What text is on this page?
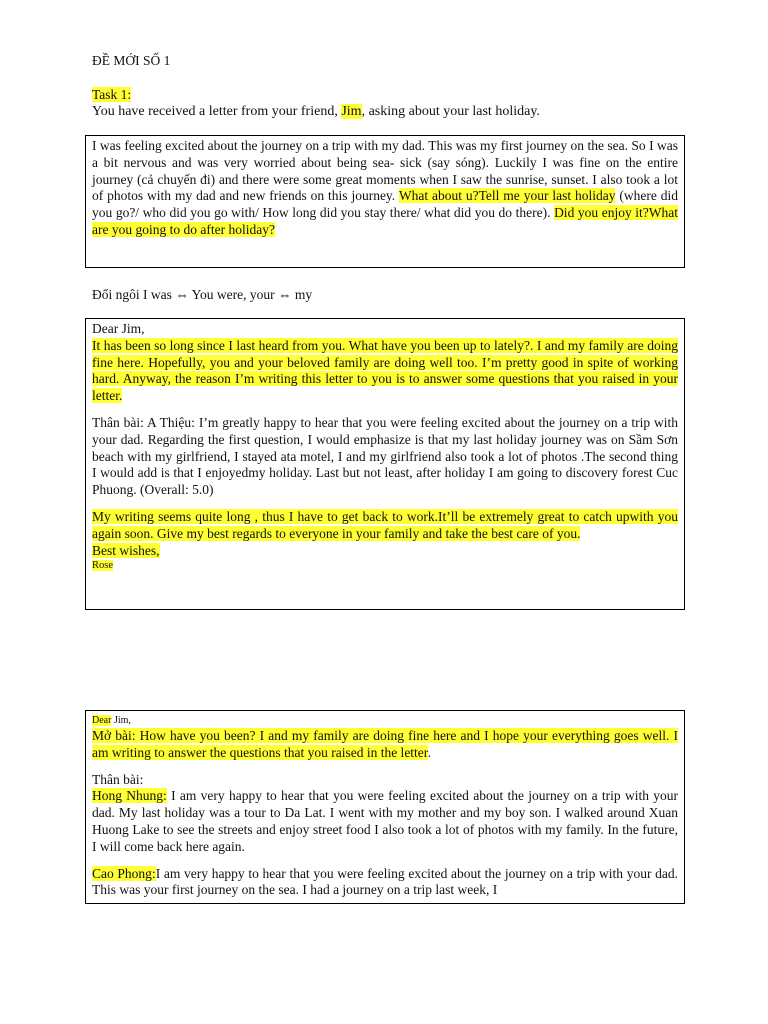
ĐỀ MỚI SỐ 1
Task 1:
You have received a letter from your friend, Jim, asking about your last holiday.

I was feeling excited about the journey on a trip with my dad. This was my first journey on the sea. So I was a bit nervous and was very worried about being sea- sick (say sóng). Luckily I was fine on the entire journey (cả chuyến đi) and there were some great moments when I saw the sunrise, sunset. I also took a lot of photos with my dad and new friends on this journey. What about u?Tell me your last holiday (where did you go?/ who did you go with/ How long did you stay there/ what did you do there). Did you enjoy it?What are you going to do after holiday?

Đổi ngôi I was ⇔ You were, your ⇔ my

Dear Jim,

It has been so long since I last heard from you. What have you been up to lately?. I and my family are doing fine here. Hopefully, you and your beloved family are doing well too. I’m pretty good in spite of working hard. Anyway, the reason I’m writing this letter to you is to answer some questions that you raised in your letter.

Thân bài: A Thiệu: I’m greatly happy to hear that you were feeling excited about the journey on a trip with your dad. Regarding the first question, I would emphasize is that my last holiday journey was on Sầm Sơn beach with my girlfriend, I stayed ata motel, I and my girlfriend also took a lot of photos .The second thing I would add is that I enjoyedmy holiday. Last but not least, after holiday I am going to discovery forest Cuc Phuong. (Overall: 5.0)

My writing seems quite long , thus I have to get back to work.It’ll be extremely great to catch upwith you again soon. Give my best regards to everyone in your family and take the best care of you.

Best wishes,

Rose

Dear Jim,

Mở bài: How have you been? I and my family are doing fine here and I hope your everything goes well. I am writing to answer the questions that you raised in the letter.

Thân bài:

Hong Nhung: I am very happy to hear that you were feeling excited about the journey on a trip with your dad. My last holiday was a tour to Da Lat. I went with my mother and my boy son. I walked around Xuan Huong Lake to see the streets and enjoy street food I also took a lot of photos with my family. In the future, I will come back here again.

Cao Phong:I am very happy to hear that you were feeling excited about the journey on a trip with your dad. This was your first journey on the sea. I had a journey on a trip last week, I
